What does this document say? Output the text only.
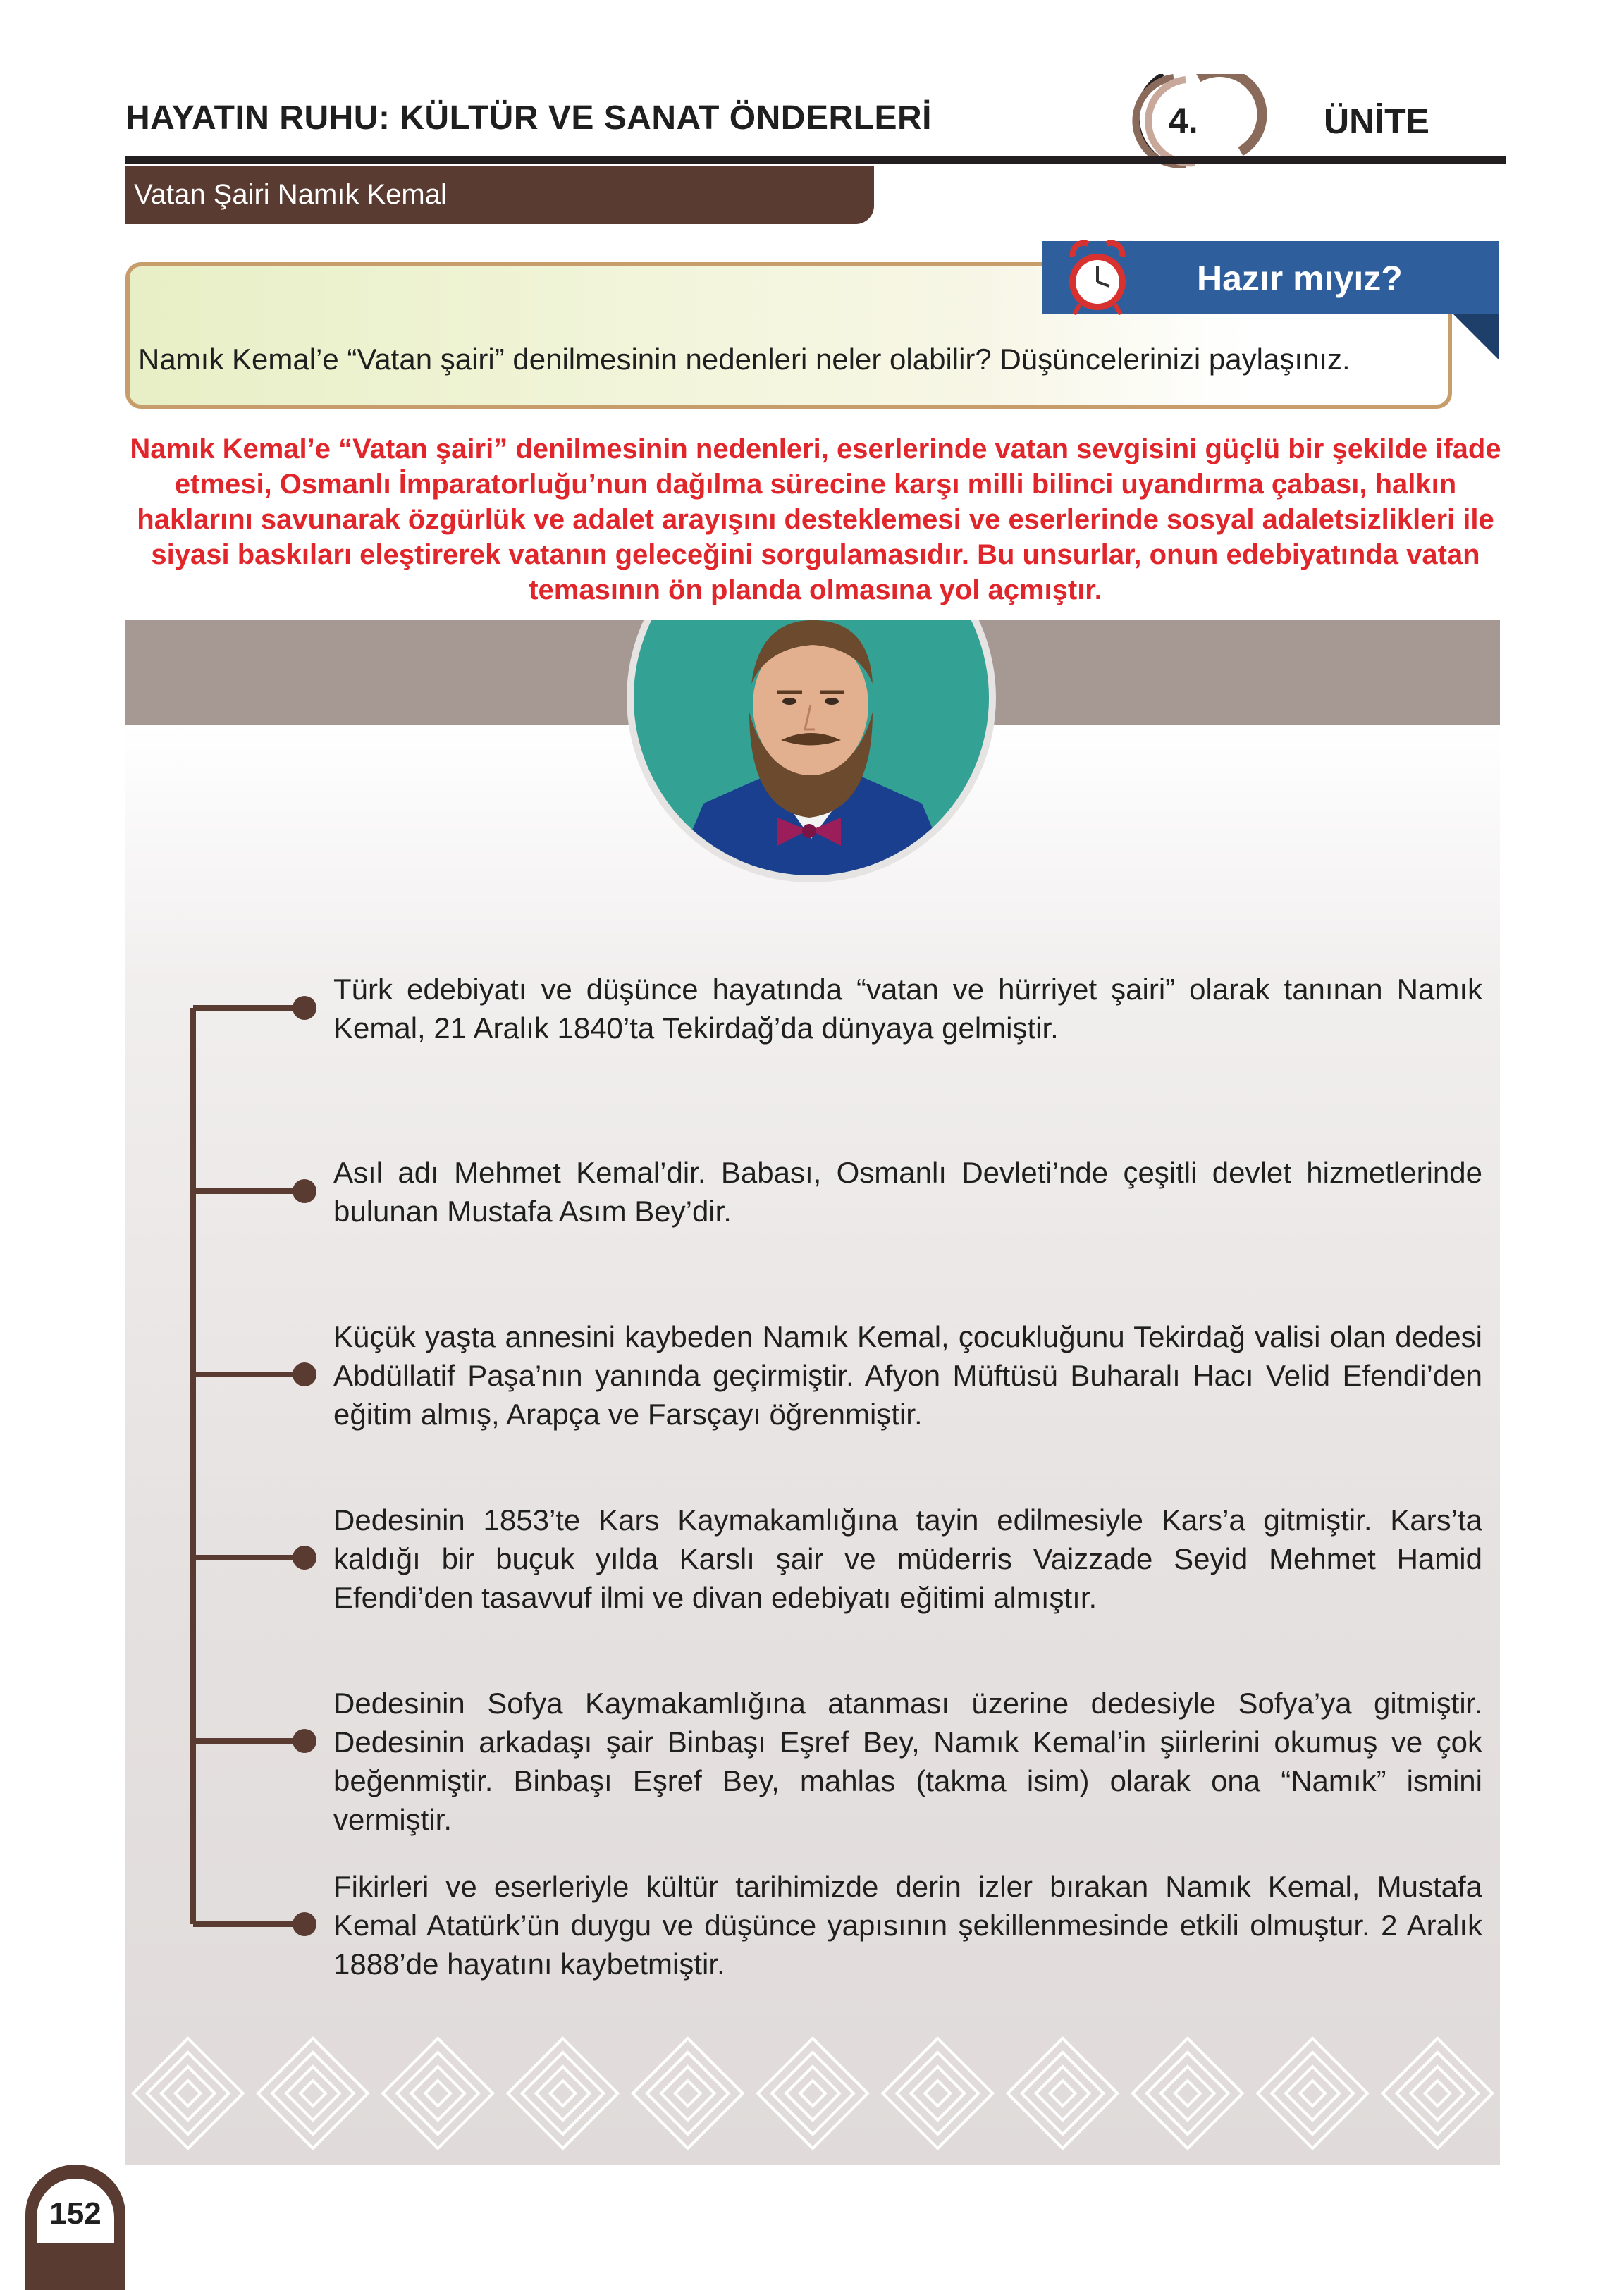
HAYATIN RUHU: KÜLTÜR VE SANAT ÖNDERLERİ	4.	ÜNİTE
Vatan Şairi Namık Kemal
Hazır mıyız?
Namık Kemal’e “Vatan şairi” denilmesinin nedenleri neler olabilir? Düşüncelerinizi paylaşınız.
Türk edebiyatı ve düşünce hayatında “vatan ve hürriyet şairi” olarak tanınan Namık Kemal, 21 Aralık 1840’ta Tekirdağ’da dünyaya gelmiştir.
Asıl adı Mehmet Kemal’dir. Babası, Osmanlı Devleti’nde çeşitli devlet hizmetlerinde bulunan Mustafa Asım Bey’dir.
Küçük yaşta annesini kaybeden Namık Kemal, çocukluğunu Tekirdağ valisi olan dedesi Abdüllatif Paşa’nın yanında geçirmiştir. Afyon Müftüsü Buharalı Hacı Velid Efendi’den eğitim almış, Arapça ve Farsçayı öğrenmiştir.
Dedesinin 1853’te Kars Kaymakamlığına tayin edilmesiyle Kars’a gitmiştir. Kars’ta kaldığı bir buçuk yılda Karslı şair ve müderris Vaizzade Seyid Mehmet Hamid Efendi’den tasavvuf ilmi ve divan edebiyatı eğitimi almıştır.
Dedesinin Sofya Kaymakamlığına atanması üzerine dedesiyle Sofya’ya gitmiştir. Dedesinin arkadaşı şair Binbaşı Eşref Bey, Namık Kemal’in şiirlerini okumuş ve çok beğenmiştir. Binbaşı Eşref Bey, mahlas (takma isim) olarak ona “Namık” ismini vermiştir.
Fikirleri ve eserleriyle kültür tarihimizde derin izler bırakan Namık Kemal, Mustafa Kemal Atatürk’ün duygu ve düşünce yapısının şekillenmesinde etkili olmuştur. 2 Aralık 1888’de hayatını kaybetmiştir.
Namık Kemal’e “Vatan şairi” denilmesinin nedenleri, eserlerinde vatan sevgisini güçlü bir şekilde ifade etmesi, Osmanlı İmparatorluğu’nun dağılma sürecine karşı milli bilinci uyandırma çabası, halkın haklarını savunarak özgürlük ve adalet arayışını desteklemesi ve eserlerinde sosyal adaletsizlikleri ile siyasi baskıları eleştirerek vatanın geleceğini sorgulamasıdır. Bu unsurlar, onun edebiyatında vatan temasının ön planda olmasına yol açmıştır.
152
